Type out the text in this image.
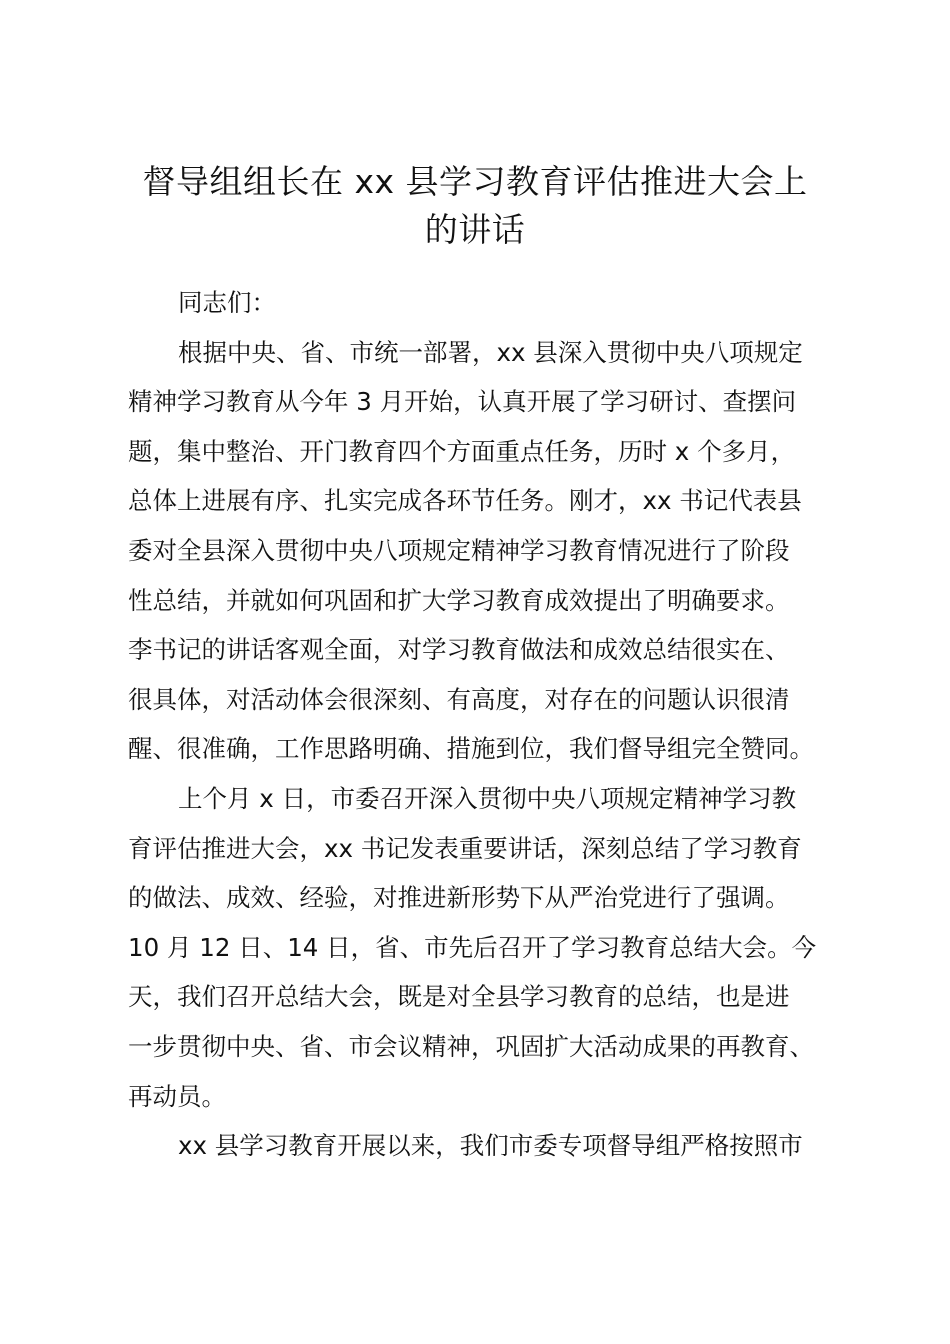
督导组组长在 xx 县学习教育评估推进大会上
的讲话
同志们：
根据中央、省、市统一部署，xx 县深入贯彻中央八项规定
精神学习教育从今年 3 月开始，认真开展了学习研讨、查摆问
题，集中整治、开门教育四个方面重点任务，历时 x 个多月，
总体上进展有序、扎实完成各环节任务。刚才，xx 书记代表县
委对全县深入贯彻中央八项规定精神学习教育情况进行了阶段
性总结，并就如何巩固和扩大学习教育成效提出了明确要求。
李书记的讲话客观全面，对学习教育做法和成效总结很实在、
很具体，对活动体会很深刻、有高度，对存在的问题认识很清
醒、很准确，工作思路明确、措施到位，我们督导组完全赞同。
上个月 x 日，市委召开深入贯彻中央八项规定精神学习教
育评估推进大会，xx 书记发表重要讲话，深刻总结了学习教育
的做法、成效、经验，对推进新形势下从严治党进行了强调。
10 月 12 日、14 日，省、市先后召开了学习教育总结大会。今
天，我们召开总结大会，既是对全县学习教育的总结，也是进
一步贯彻中央、省、市会议精神，巩固扩大活动成果的再教育、
再动员。
xx 县学习教育开展以来，我们市委专项督导组严格按照市
